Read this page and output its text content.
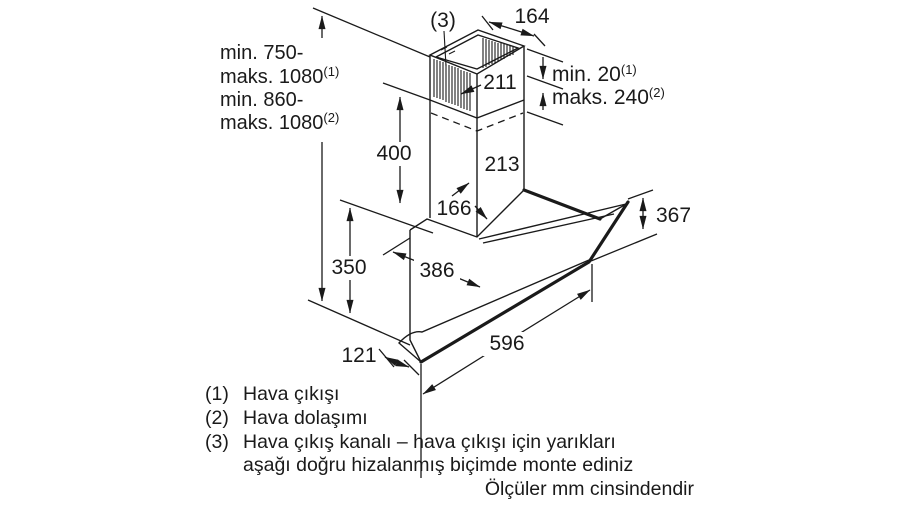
min. 750-
maks. 1080$^{(1)}$
min. 860-
maks. 1080$^{(2)}$
(3)	164
211 min. 20$^{(1)}$
maks. 240$^{(2)}$
400	213
166	367
350	386
121
596
(1) Hava çıkışı
(2) Hava dolaşımı
(3) Hava çıkış kanalı – hava çıkışı için yarıkları
aşağı doğru hizalanmış biçimde monte ediniz
Ölçüler mm cinsindendir
